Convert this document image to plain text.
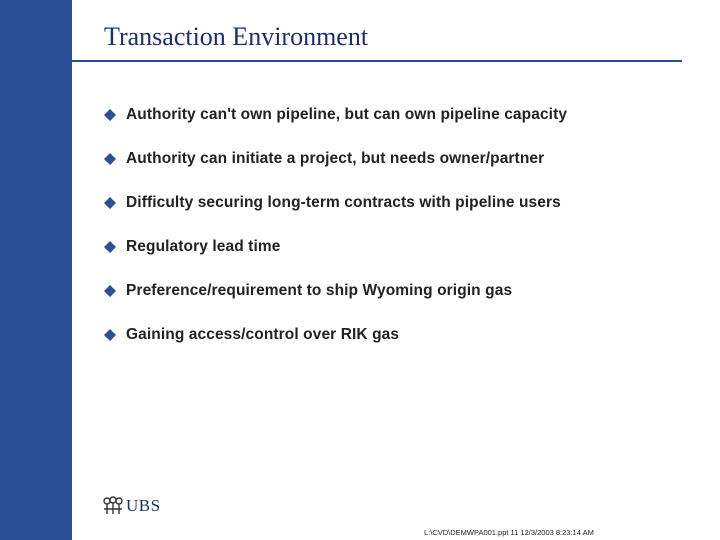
Transaction Environment
Authority can't own pipeline, but can own pipeline capacity
Authority can initiate a project, but needs owner/partner
Difficulty securing long-term contracts with pipeline users
Regulatory lead time
Preference/requirement to ship Wyoming origin gas
Gaining access/control over RIK gas
UBS
L:\CVD\DEMWPA001.ppt 11 12/3/2003 8:23:14 AM
